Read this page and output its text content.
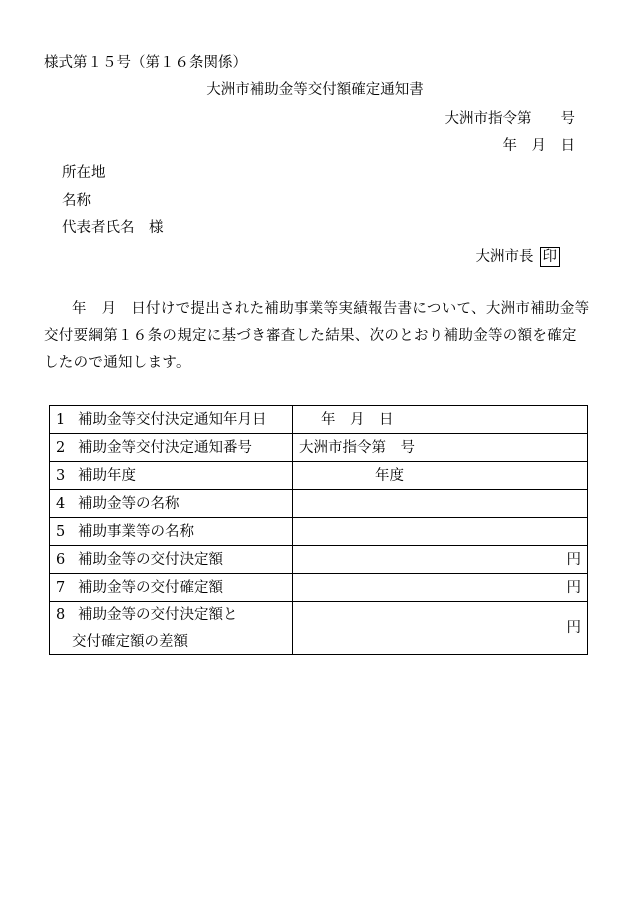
様式第１５号（第１６条関係）
大洲市補助金等交付額確定通知書
大洲市指令第　　号
年　月　日
所在地
名称
代表者氏名　様
大洲市長 印
年　月　日付けで提出された補助事業等実績報告書について、大洲市補助金等交付要綱第１６条の規定に基づき審査した結果、次のとおり補助金等の額を確定したので通知します。
1 補助金等交付決定通知年月日	年　月　日
2 補助金等交付決定通知番号	大洲市指令第　号
3 補助年度	年度
4 補助金等の名称	
5 補助事業等の名称	
6 補助金等の交付決定額	円
7 補助金等の交付確定額	円
8 補助金等の交付決定額と
交付確定額の差額	円
